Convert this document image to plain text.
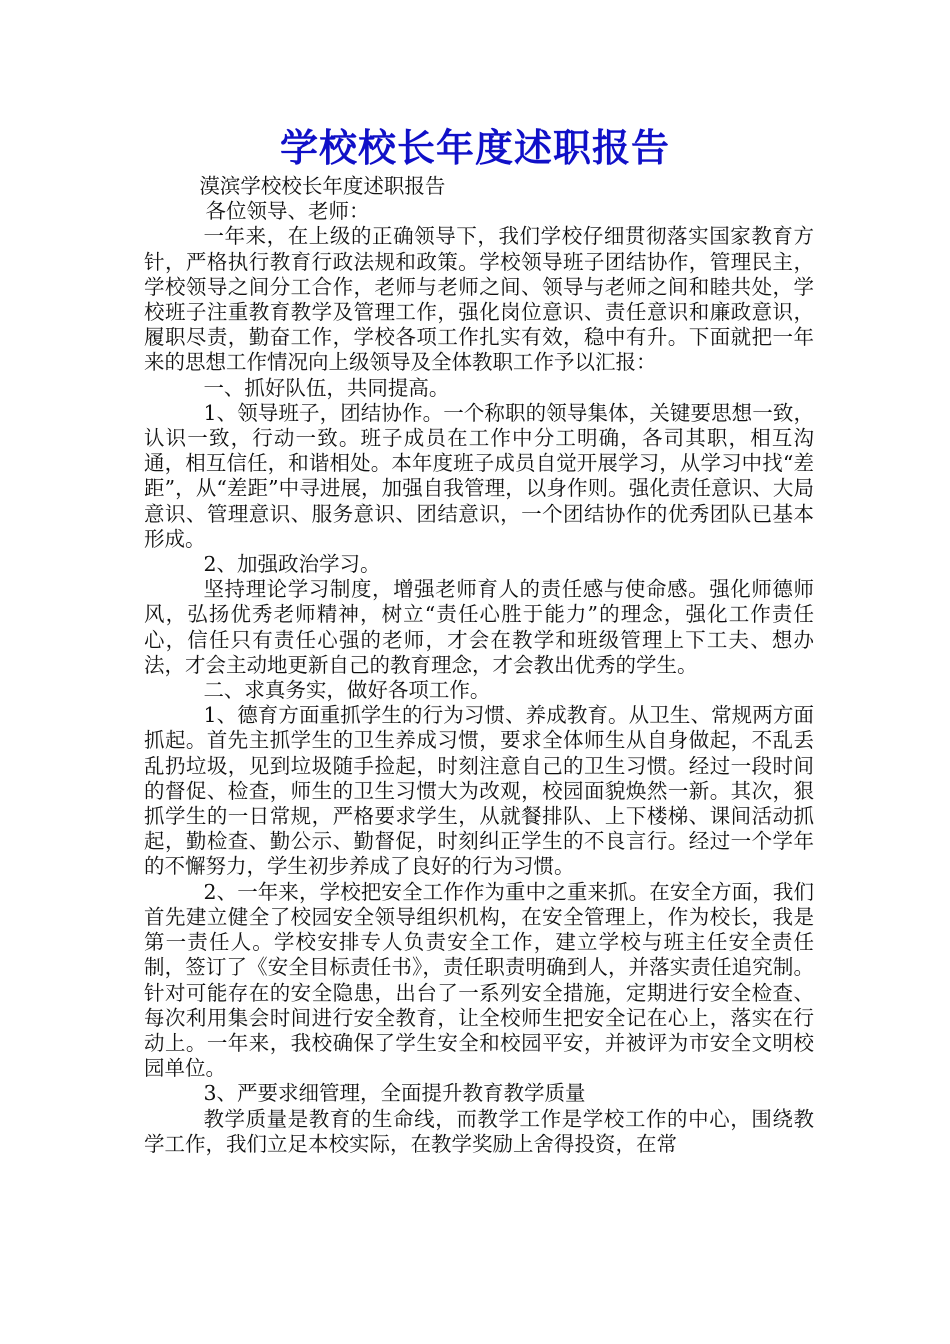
学校校长年度述职报告

漠滨学校校长年度述职报告

各位领导、老师：

一年来，在上级的正确领导下，我们学校仔细贯彻落实国家教育方针，严格执行教育行政法规和政策。学校领导班子团结协作，管理民主，学校领导之间分工合作，老师与老师之间、领导与老师之间和睦共处，学校班子注重教育教学及管理工作，强化岗位意识、责任意识和廉政意识，履职尽责，勤奋工作，学校各项工作扎实有效，稳中有升。下面就把一年来的思想工作情况向上级领导及全体教职工作予以汇报：

一、抓好队伍，共同提高。

1、领导班子，团结协作。一个称职的领导集体，关键要思想一致，认识一致，行动一致。班子成员在工作中分工明确，各司其职，相互沟通，相互信任，和谐相处。本年度班子成员自觉开展学习，从学习中找“差距”，从“差距”中寻进展，加强自我管理，以身作则。强化责任意识、大局意识、管理意识、服务意识、团结意识，一个团结协作的优秀团队已基本形成。

2、加强政治学习。

坚持理论学习制度，增强老师育人的责任感与使命感。强化师德师风，弘扬优秀老师精神，树立“责任心胜于能力”的理念，强化工作责任心，信任只有责任心强的老师，才会在教学和班级管理上下工夫、想办法，才会主动地更新自己的教育理念，才会教出优秀的学生。

二、求真务实，做好各项工作。

1、德育方面重抓学生的行为习惯、养成教育。从卫生、常规两方面抓起。首先主抓学生的卫生养成习惯，要求全体师生从自身做起，不乱丢乱扔垃圾，见到垃圾随手捡起，时刻注意自己的卫生习惯。经过一段时间的督促、检查，师生的卫生习惯大为改观，校园面貌焕然一新。其次，狠抓学生的一日常规，严格要求学生，从就餐排队、上下楼梯、课间活动抓起，勤检查、勤公示、勤督促，时刻纠正学生的不良言行。经过一个学年的不懈努力，学生初步养成了良好的行为习惯。

2、一年来，学校把安全工作作为重中之重来抓。在安全方面，我们首先建立健全了校园安全领导组织机构，在安全管理上，作为校长，我是第一责任人。学校安排专人负责安全工作，建立学校与班主任安全责任制，签订了《安全目标责任书》，责任职责明确到人，并落实责任追究制。针对可能存在的安全隐患，出台了一系列安全措施，定期进行安全检查、每次利用集会时间进行安全教育，让全校师生把安全记在心上，落实在行动上。一年来，我校确保了学生安全和校园平安，并被评为市安全文明校园单位。

3、严要求细管理，全面提升教育教学质量

教学质量是教育的生命线，而教学工作是学校工作的中心，围绕教学工作，我们立足本校实际，在教学奖励上舍得投资，在常
